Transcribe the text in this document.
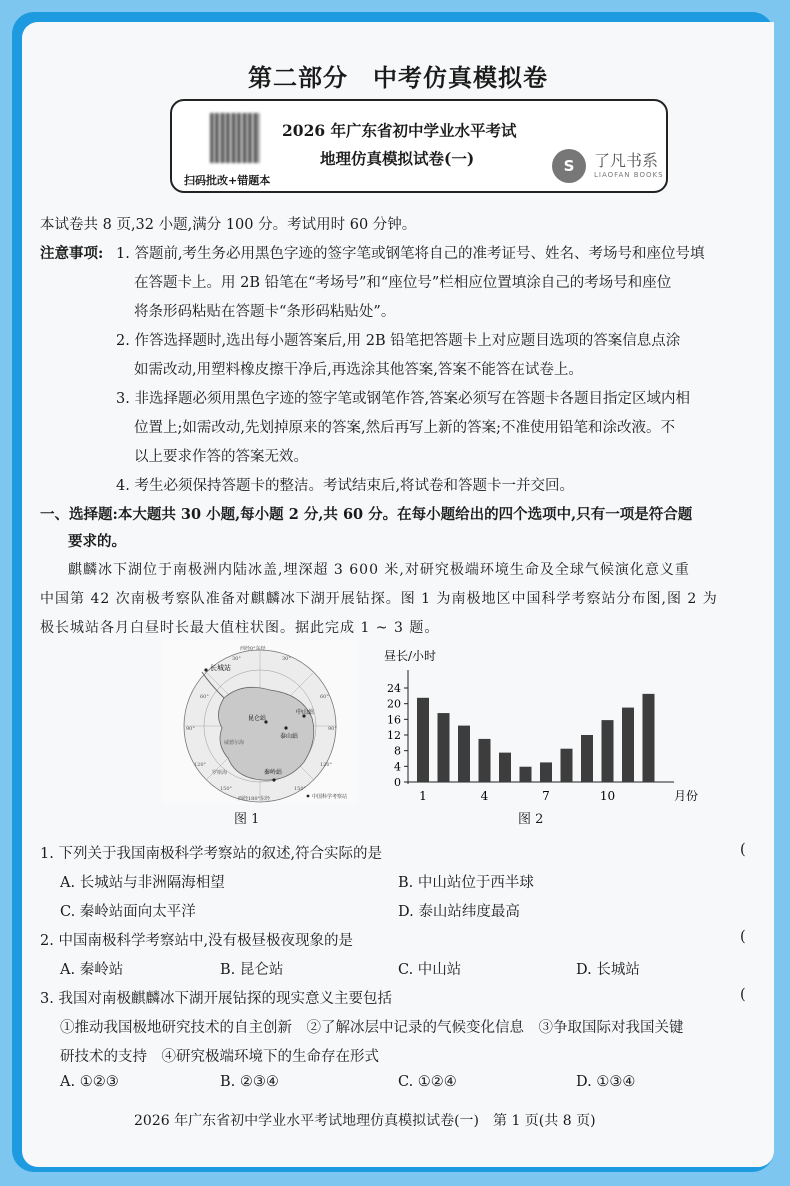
第二部分　中考仿真模拟卷
扫码批改+错题本
2026 年广东省初中学业水平考试
地理仿真模拟试卷(一)	S	了凡书系
LIAOFAN BOOKS
本试卷共 8 页,32 小题,满分 100 分。考试用时 60 分钟。
注意事项: 1. 答题前,考生务必用黑色字迹的签字笔或钢笔将自己的准考证号、姓名、考场号和座位号填
在答题卡上。用 2B 铅笔在“考场号”和“座位号”栏相应位置填涂自己的考场号和座位
将条形码粘贴在答题卡“条形码粘贴处”。
2. 作答选择题时,选出每小题答案后,用 2B 铅笔把答题卡上对应题目选项的答案信息点涂
如需改动,用塑料橡皮擦干净后,再选涂其他答案,答案不能答在试卷上。
3. 非选择题必须用黑色字迹的签字笔或钢笔作答,答案必须写在答题卡各题目指定区域内相
位置上;如需改动,先划掉原来的答案,然后再写上新的答案;不准使用铅笔和涂改液。不
以上要求作答的答案无效。
4. 考生必须保持答题卡的整洁。考试结束后,将试卷和答题卡一并交回。
一、选择题:本大题共 30 小题,每小题 2 分,共 60 分。在每小题给出的四个选项中,只有一项是符合题
要求的。
麒麟冰下湖位于南极洲内陆冰盖,埋深超 3 600 米,对研究极端环境生命及全球气候演化意义重
中国第 42 次南极考察队准备对麒麟冰下湖开展钻探。图 1 为南极地区中国科学考察站分布图,图 2 为
极长城站各月白昼时长最大值柱状图。据此完成 1 ~ 3 题。
西经0°东经
西经180°东经
长城站
昆仑站
泰山站
中山站
秦岭站
威德尔海
罗斯海
60°
90°
120°
150°
30°	30°
60°
90°
120°
150°
中国科学考察站
图 1
昼长/小时
0
4
8
12
16
20
24
1	4	7	10	月份
图 2
1. 下列关于我国南极科学考察站的叙述,符合实际的是	(
A. 长城站与非洲隔海相望	B. 中山站位于西半球
C. 秦岭站面向太平洋	D. 泰山站纬度最高
2. 中国南极科学考察站中,没有极昼极夜现象的是	(
A. 秦岭站	B. 昆仑站	C. 中山站	D. 长城站
3. 我国对南极麒麟冰下湖开展钻探的现实意义主要包括	(
①推动我国极地研究技术的自主创新　②了解冰层中记录的气候变化信息　③争取国际对我国关键
研技术的支持　④研究极端环境下的生命存在形式
A. ①②③	B. ②③④	C. ①②④	D. ①③④
2026 年广东省初中学业水平考试地理仿真模拟试卷(一)　第 1 页(共 8 页)
